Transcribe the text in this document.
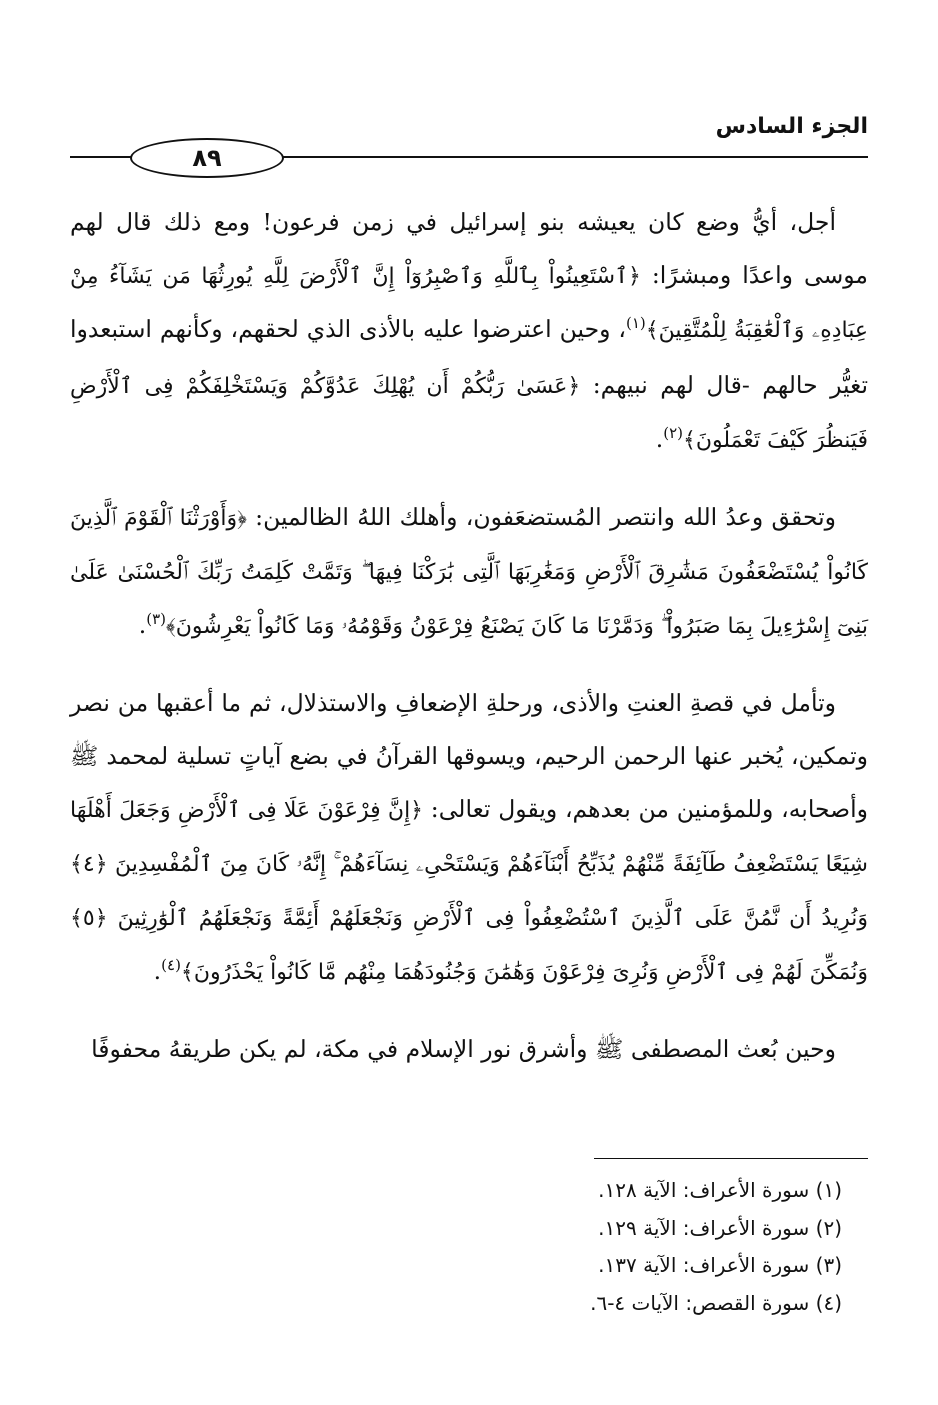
الجزء السادس
٨٩

أجل، أيُّ وضع كان يعيشه بنو إسرائيل في زمن فرعون! ومع ذلك قال لهم موسى واعدًا ومبشرًا: ﴿ٱسْتَعِينُواْ بِٱللَّهِ وَٱصْبِرُوٓاْ إِنَّ ٱلْأَرْضَ لِلَّهِ يُورِثُهَا مَن يَشَآءُ مِنْ عِبَادِهِۦ وَٱلْعَٰقِبَةُ لِلْمُتَّقِينَ﴾$^{(١)}$، وحين اعترضوا عليه بالأذى الذي لحقهم، وكأنهم استبعدوا تغيُّر حالهم -قال لهم نبيهم: ﴿عَسَىٰ رَبُّكُمْ أَن يُهْلِكَ عَدُوَّكُمْ وَيَسْتَخْلِفَكُمْ فِى ٱلْأَرْضِ فَيَنظُرَ كَيْفَ تَعْمَلُونَ﴾$^{(٢)}$.

وتحقق وعدُ الله وانتصر المُستضعَفون، وأهلك اللهُ الظالمين: ﴿وَأَوْرَثْنَا ٱلْقَوْمَ ٱلَّذِينَ كَانُواْ يُسْتَضْعَفُونَ مَشَٰرِقَ ٱلْأَرْضِ وَمَغَٰرِبَهَا ٱلَّتِى بَٰرَكْنَا فِيهَا ۖ وَتَمَّتْ كَلِمَتُ رَبِّكَ ٱلْحُسْنَىٰ عَلَىٰ بَنِىٓ إِسْرَٰٓءِيلَ بِمَا صَبَرُواْ ۖ وَدَمَّرْنَا مَا كَانَ يَصْنَعُ فِرْعَوْنُ وَقَوْمُهُۥ وَمَا كَانُواْ يَعْرِشُونَ﴾$^{(٣)}$.

وتأمل في قصةِ العنتِ والأذى، ورحلةِ الإضعافِ والاستذلال، ثم ما أعقبها من نصر وتمكين، يُخبر عنها الرحمن الرحيم، ويسوقها القرآنُ في بضع آياتٍ تسلية لمحمد ﷺ وأصحابه، وللمؤمنين من بعدهم، ويقول تعالى: ﴿إِنَّ فِرْعَوْنَ عَلَا فِى ٱلْأَرْضِ وَجَعَلَ أَهْلَهَا شِيَعًا يَسْتَضْعِفُ طَآئِفَةً مِّنْهُمْ يُذَبِّحُ أَبْنَآءَهُمْ وَيَسْتَحْىِۦ نِسَآءَهُمْ ۚ إِنَّهُۥ كَانَ مِنَ ٱلْمُفْسِدِينَ ﴿٤﴾ وَنُرِيدُ أَن نَّمُنَّ عَلَى ٱلَّذِينَ ٱسْتُضْعِفُواْ فِى ٱلْأَرْضِ وَنَجْعَلَهُمْ أَئِمَّةً وَنَجْعَلَهُمُ ٱلْوَٰرِثِينَ ﴿٥﴾ وَنُمَكِّنَ لَهُمْ فِى ٱلْأَرْضِ وَنُرِىَ فِرْعَوْنَ وَهَٰمَٰنَ وَجُنُودَهُمَا مِنْهُم مَّا كَانُواْ يَحْذَرُونَ﴾$^{(٤)}$.

وحين بُعث المصطفى ﷺ وأشرق نور الإسلام في مكة، لم يكن طريقهُ محفوفًا

(١) سورة الأعراف: الآية ١٢٨.

(٢) سورة الأعراف: الآية ١٢٩.

(٣) سورة الأعراف: الآية ١٣٧.

(٤) سورة القصص: الآيات ٤-٦.
